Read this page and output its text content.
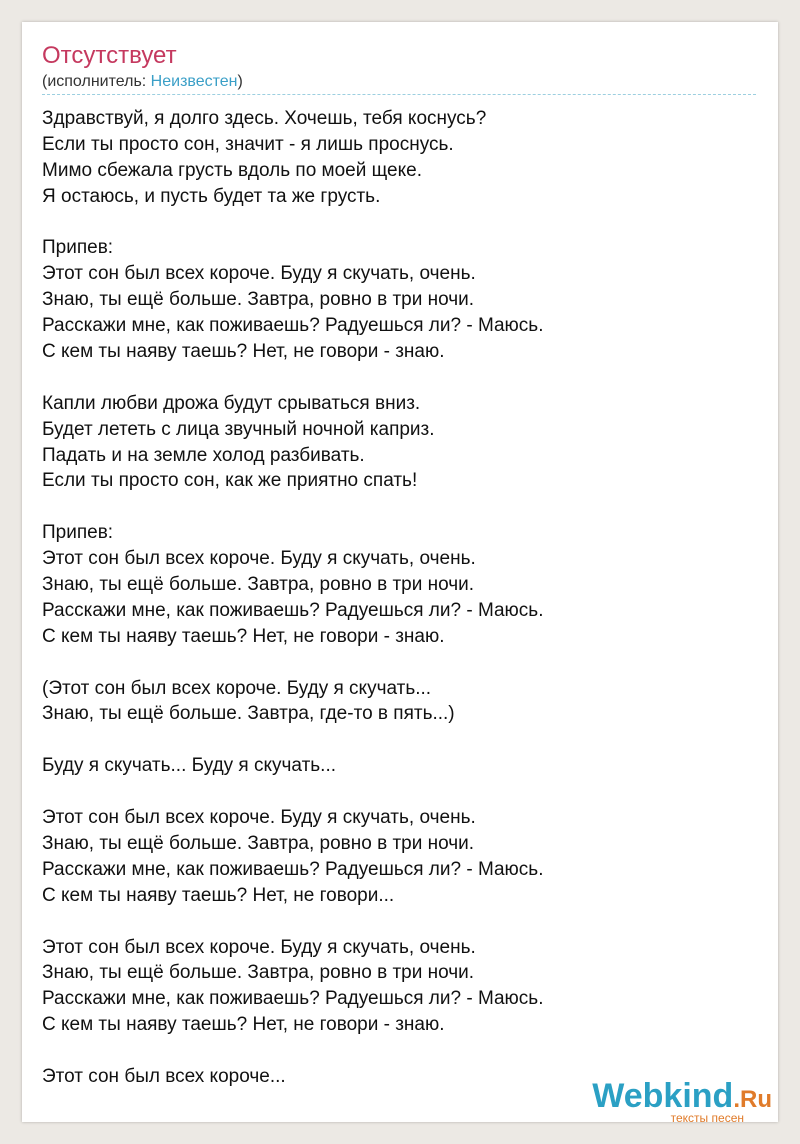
Отсутствует
(исполнитель: Неизвестен)
Здравствуй, я долго здесь. Хочешь, тебя коснусь?
Если ты просто сон, значит - я лишь проснусь.
Мимо сбежала грусть вдоль по моей щеке.
Я остаюсь, и пусть будет та же грусть.
Припев:
Этот сон был всех короче. Буду я скучать, очень.
Знаю, ты ещё больше. Завтра, ровно в три ночи.
Расскажи мне, как поживаешь? Радуешься ли? - Маюсь.
С кем ты наяву таешь? Нет, не говори - знаю.
Капли любви дрожа будут срываться вниз.
Будет лететь с лица звучный ночной каприз.
Падать и на земле холод разбивать.
Если ты просто сон, как же приятно спать!
Припев:
Этот сон был всех короче. Буду я скучать, очень.
Знаю, ты ещё больше. Завтра, ровно в три ночи.
Расскажи мне, как поживаешь? Радуешься ли? - Маюсь.
С кем ты наяву таешь? Нет, не говори - знаю.
(Этот сон был всех короче. Буду я скучать...
Знаю, ты ещё больше. Завтра, где-то в пять...)
Буду я скучать... Буду я скучать...
Этот сон был всех короче. Буду я скучать, очень.
Знаю, ты ещё больше. Завтра, ровно в три ночи.
Расскажи мне, как поживаешь? Радуешься ли? - Маюсь.
С кем ты наяву таешь? Нет, не говори...
Этот сон был всех короче. Буду я скучать, очень.
Знаю, ты ещё больше. Завтра, ровно в три ночи.
Расскажи мне, как поживаешь? Радуешься ли? - Маюсь.
С кем ты наяву таешь? Нет, не говори - знаю.
Этот сон был всех короче...
Webkind.Ru
тексты песен
